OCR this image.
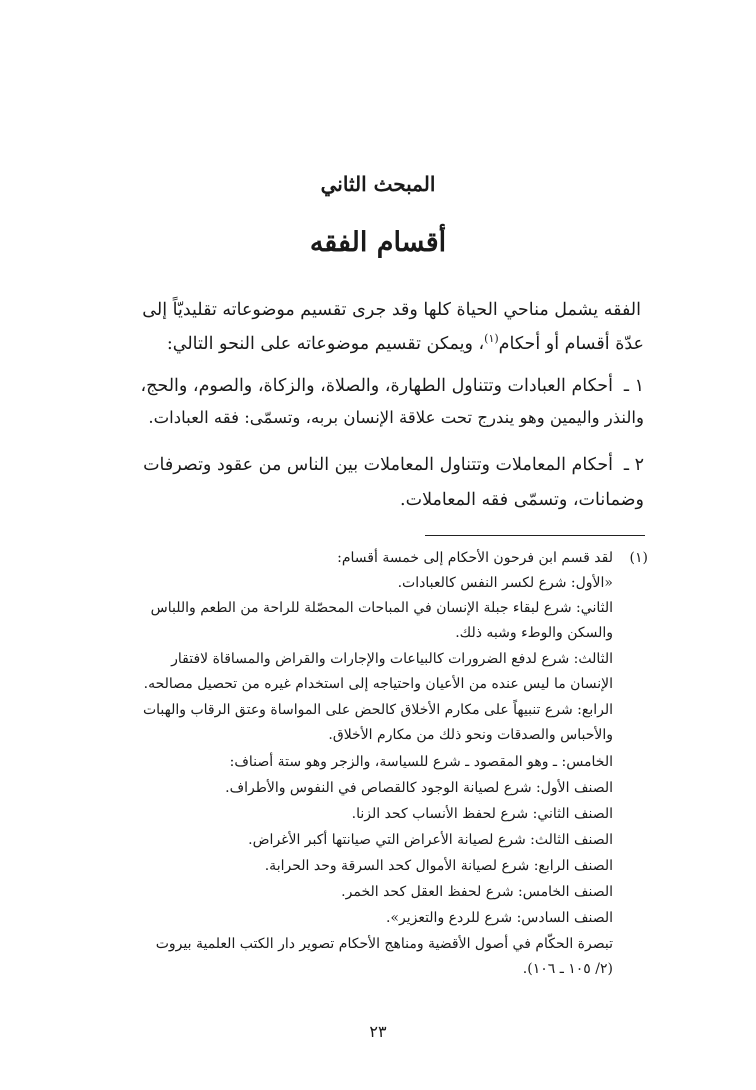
المبحث الثاني
أقسام الفقه
الفقه يشمل مناحي الحياة كلها وقد جرى تقسيم موضوعاته تقليديّاً إلى
عدّة أقسام أو أحكام$^{(١)}$، ويمكن تقسيم موضوعاته على النحو التالي:
١ ـ
أحكام العبادات وتتناول الطهارة، والصلاة، والزكاة، والصوم، والحج،
والنذر واليمين وهو يندرج تحت علاقة الإنسان بربه، وتسمّى: فقه العبادات.
٢ ـ
أحكام المعاملات وتتناول المعاملات بين الناس من عقود وتصرفات
وضمانات، وتسمّى فقه المعاملات.
(١)
لقد قسم ابن فرحون الأحكام إلى خمسة أقسام:
«الأول: شرع لكسر النفس كالعبادات.
الثاني: شرع لبقاء جبلة الإنسان في المباحات المحصّلة للراحة من الطعم واللباس
والسكن والوطء وشبه ذلك.
الثالث: شرع لدفع الضرورات كالبياعات والإجارات والقراض والمساقاة لافتقار
الإنسان ما ليس عنده من الأعيان واحتياجه إلى استخدام غيره من تحصيل مصالحه.
الرابع: شرع تنبيهاً على مكارم الأخلاق كالحض على المواساة وعتق الرقاب والهبات
والأحباس والصدقات ونحو ذلك من مكارم الأخلاق.
الخامس: ـ وهو المقصود ـ شرع للسياسة، والزجر وهو ستة أصناف:
الصنف الأول: شرع لصيانة الوجود كالقصاص في النفوس والأطراف.
الصنف الثاني: شرع لحفظ الأنساب كحد الزنا.
الصنف الثالث: شرع لصيانة الأعراض التي صيانتها أكبر الأغراض.
الصنف الرابع: شرع لصيانة الأموال كحد السرقة وحد الحرابة.
الصنف الخامس: شرع لحفظ العقل كحد الخمر.
الصنف السادس: شرع للردع والتعزير».
تبصرة الحكّام في أصول الأقضية ومناهج الأحكام تصوير دار الكتب العلمية بيروت
(٢/ ١٠٥ ـ ١٠٦).
٢٣
